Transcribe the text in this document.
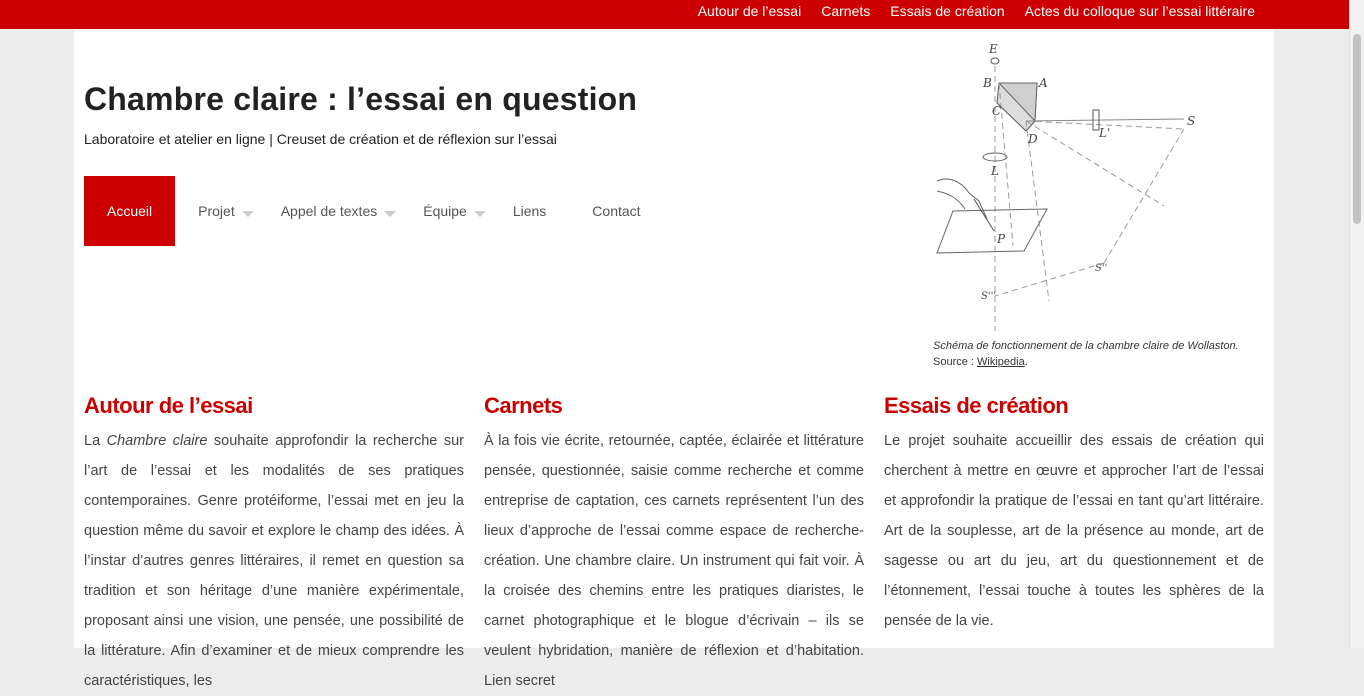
Autour de l’essai Carnets Essais de création Actes du colloque sur l’essai littéraire
Chambre claire : l’essai en question

Laboratoire et atelier en ligne | Creuset de création et de réflexion sur l’essai

Accueil	Projet	Appel de textes	Équipe	Liens	Contact
E
B	A
C
D	L'
S
L
P
S''
S'''
Schéma de fonctionnement de la chambre claire de Wollaston.
Source : Wikipedia.
Autour de l’essai

La Chambre claire souhaite approfondir la recherche sur l’art de l’essai et les modalités de ses pratiques contemporaines. Genre protéiforme, l’essai met en jeu la question même du savoir et explore le champ des idées. À l’instar d’autres genres littéraires, il remet en question sa tradition et son héritage d’une manière expérimentale, proposant ainsi une vision, une pensée, une possibilité de la littérature. Afin d’examiner et de mieux comprendre les caractéristiques, les

Carnets

À la fois vie écrite, retournée, captée, éclairée et littérature pensée, questionnée, saisie comme recherche et comme entreprise de captation, ces carnets représentent l’un des lieux d’approche de l’essai comme espace de recherche-création. Une chambre claire. Un instrument qui fait voir. À la croisée des chemins entre les pratiques diaristes, le carnet photographique et le blogue d’écrivain – ils se veulent hybridation, manière de réflexion et d’habitation. Lien secret

Essais de création

Le projet souhaite accueillir des essais de création qui cherchent à mettre en œuvre et approcher l’art de l’essai et approfondir la pratique de l’essai en tant qu’art littéraire. Art de la souplesse, art de la présence au monde, art de sagesse ou art du jeu, art du questionnement et de l’étonnement, l’essai touche à toutes les sphères de la pensée de la vie.
